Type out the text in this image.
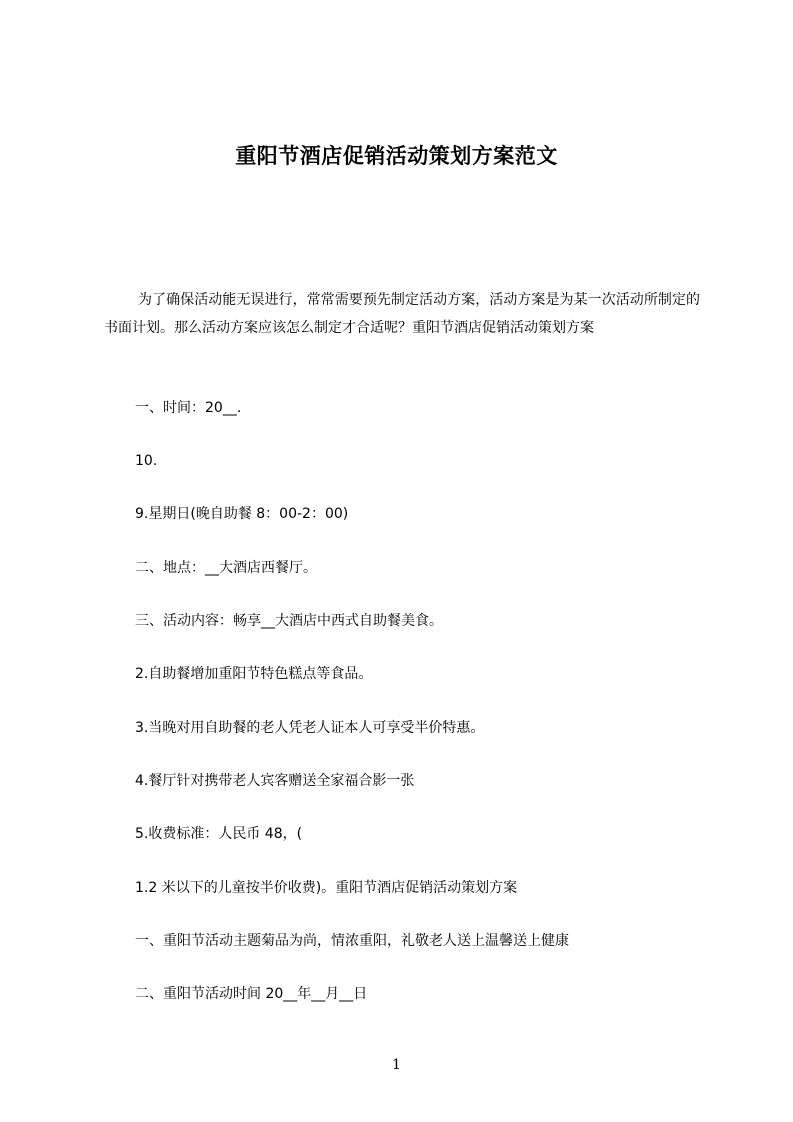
重阳节酒店促销活动策划方案范文

为了确保活动能无误进行，常常需要预先制定活动方案，活动方案是为某一次活动所制定的书面计划。那么活动方案应该怎么制定才合适呢？重阳节酒店促销活动策划方案

一、时间：20__.

10.

9.星期日(晚自助餐 8：00-2：00)

二、地点：__大酒店西餐厅。

三、活动内容：畅享__大酒店中西式自助餐美食。

2.自助餐增加重阳节特色糕点等食品。

3.当晚对用自助餐的老人凭老人证本人可享受半价特惠。

4.餐厅针对携带老人宾客赠送全家福合影一张

5.收费标准：人民币 48，(

1.2 米以下的儿童按半价收费)。重阳节酒店促销活动策划方案

一、重阳节活动主题菊品为尚，情浓重阳，礼敬老人送上温馨送上健康

二、重阳节活动时间 20__年__月__日

1
